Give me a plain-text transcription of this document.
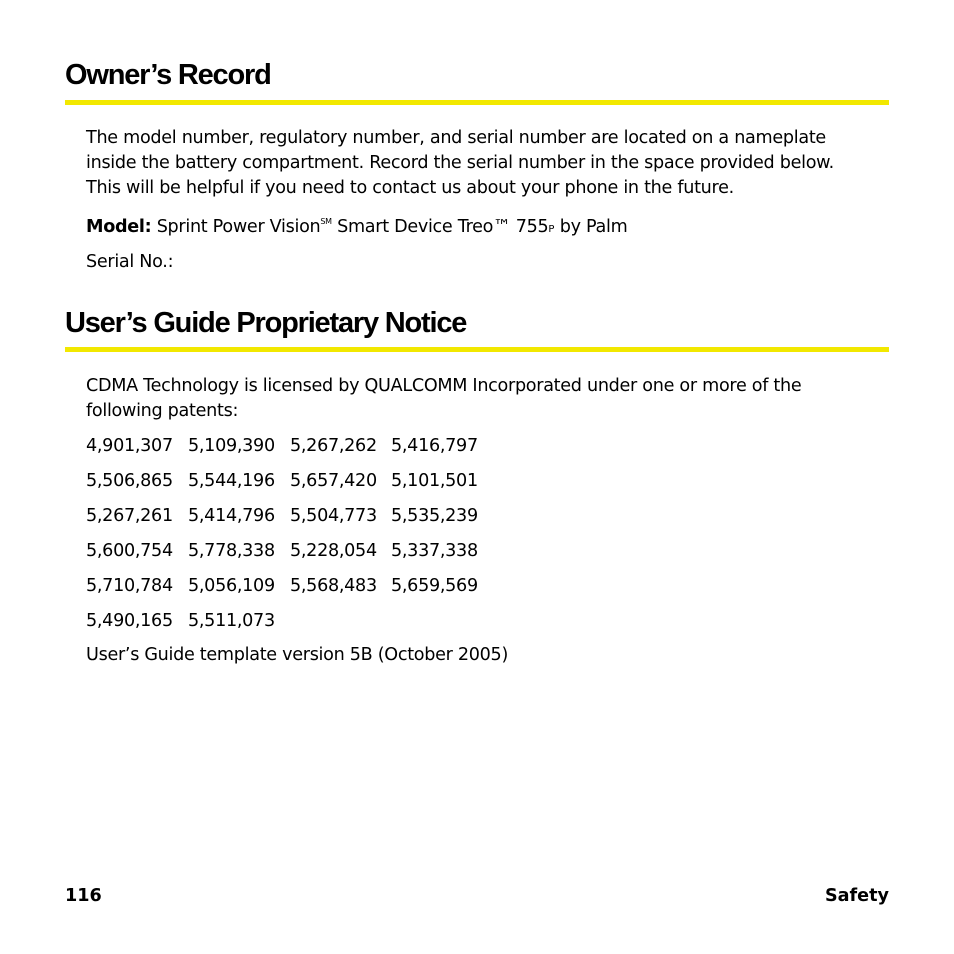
Owner’s Record

The model number, regulatory number, and serial number are located on a nameplate
inside the battery compartment. Record the serial number in the space provided below.
This will be helpful if you need to contact us about your phone in the future.

Model: Sprint Power Vision℠ Smart Device Treo™ 755P by Palm

Serial No.:

User’s Guide Proprietary Notice

CDMA Technology is licensed by QUALCOMM Incorporated under one or more of the
following patents:

4,901,307 5,109,390 5,267,262 5,416,797
5,506,865 5,544,196 5,657,420 5,101,501
5,267,261 5,414,796 5,504,773 5,535,239
5,600,754 5,778,338 5,228,054 5,337,338
5,710,784 5,056,109 5,568,483 5,659,569
5,490,165 5,511,073

User’s Guide template version 5B (October 2005)

116	Safety
